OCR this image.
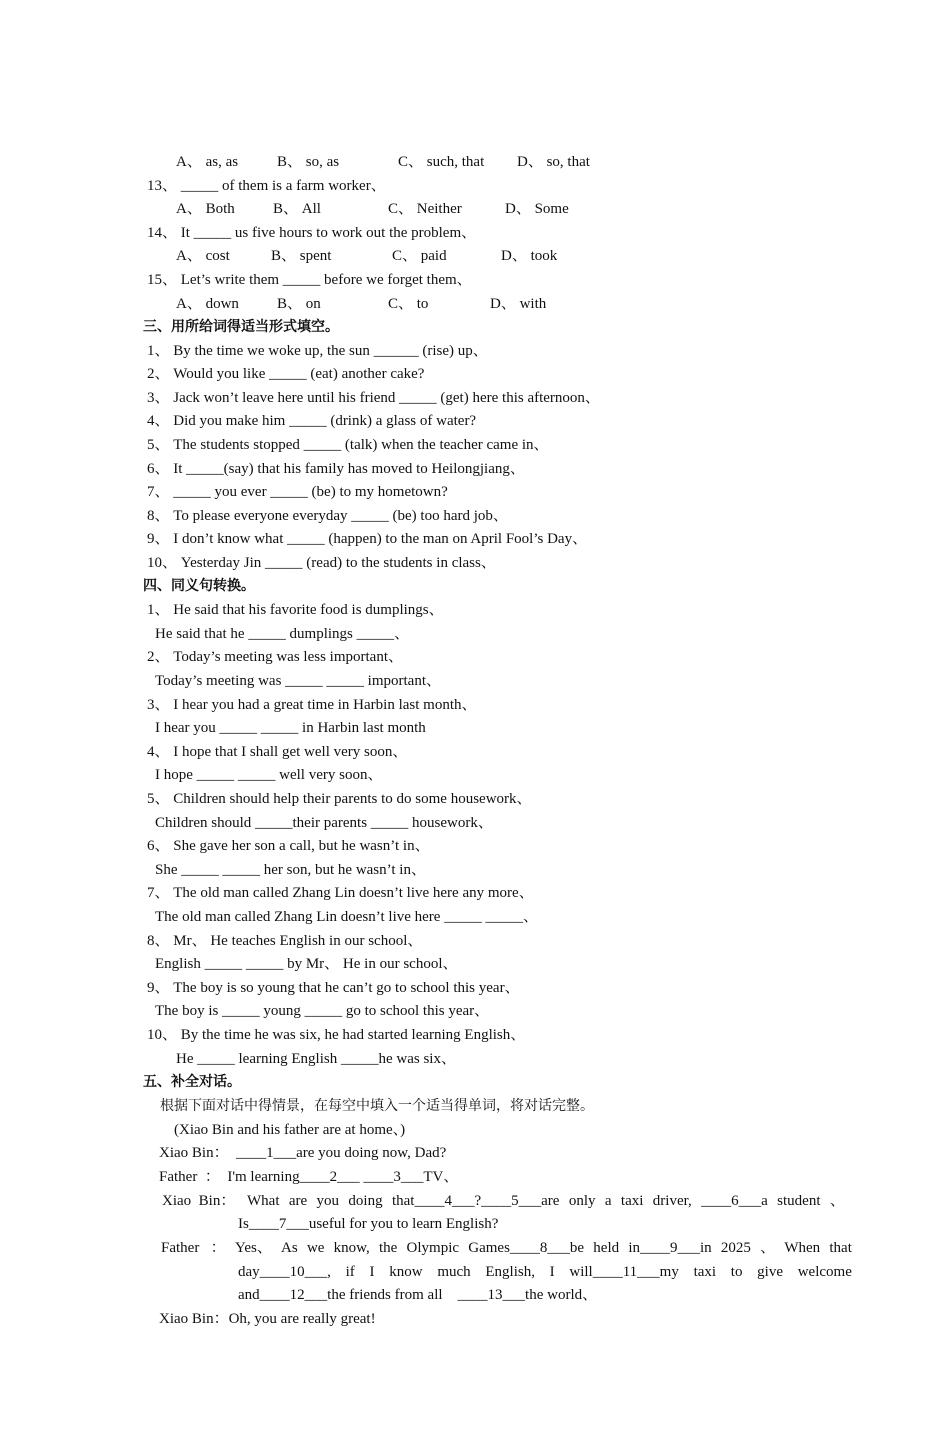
A、 as, as	B、 so, as	C、 such, that D、 so, that
13、 _____ of them is a farm worker、
A、 Both	B、 All	C、 Neither	D、 Some
14、 It _____ us five hours to work out the problem、
A、 cost	B、 spent	C、 paid	D、 took
15、 Let’s write them _____ before we forget them、
A、 down	B、 on	C、 to	D、 with
三、用所给词得适当形式填空。
1、 By the time we woke up, the sun ______ (rise) up、
2、 Would you like _____ (eat) another cake?
3、 Jack won’t leave here until his friend _____ (get) here this afternoon、
4、 Did you make him _____ (drink) a glass of water?
5、 The students stopped _____ (talk) when the teacher came in、
6、 It _____(say) that his family has moved to Heilongjiang、
7、 _____ you ever _____ (be) to my hometown?
8、 To please everyone everyday _____ (be) too hard job、
9、 I don’t know what _____ (happen) to the man on April Fool’s Day、
10、 Yesterday Jin _____ (read) to the students in class、
四、同义句转换。
1、 He said that his favorite food is dumplings、
He said that he _____ dumplings _____、
2、 Today’s meeting was less important、
Today’s meeting was _____ _____ important、
3、 I hear you had a great time in Harbin last month、
I hear you _____ _____ in Harbin last month
4、 I hope that I shall get well very soon、
I hope _____ _____ well very soon、
5、 Children should help their parents to do some housework、
Children should _____their parents _____ housework、
6、 She gave her son a call, but he wasn’t in、
She _____ _____ her son, but he wasn’t in、
7、 The old man called Zhang Lin doesn’t live here any more、
The old man called Zhang Lin doesn’t live here _____ _____、
8、 Mr、 He teaches English in our school、
English _____ _____ by Mr、 He in our school、
9、 The boy is so young that he can’t go to school this year、
The boy is _____ young _____ go to school this year、
10、 By the time he was six, he had started learning English、
He _____ learning English _____he was six、
五、补全对话。
根据下面对话中得情景，在每空中填入一个适当得单词，将对话完整。
(Xiao Bin and his father are at home、)
Xiao Bin：  ____1___are you doing now, Dad?
Father  ：  I'm learning____2___ ____3___TV、
Xiao  Bin： What are you doing that____4___?____5___are only a taxi driver, ____6___a student 、
Is____7___useful for you to learn English?
Father   ： Yes、 As we know, the Olympic Games____8___be held in____9___in 2025 、 When that
day____10___, if I know much English, I will____11___my taxi to give welcome
and____12___the friends from all    ____13___the world、
Xiao Bin：Oh, you are really great!
